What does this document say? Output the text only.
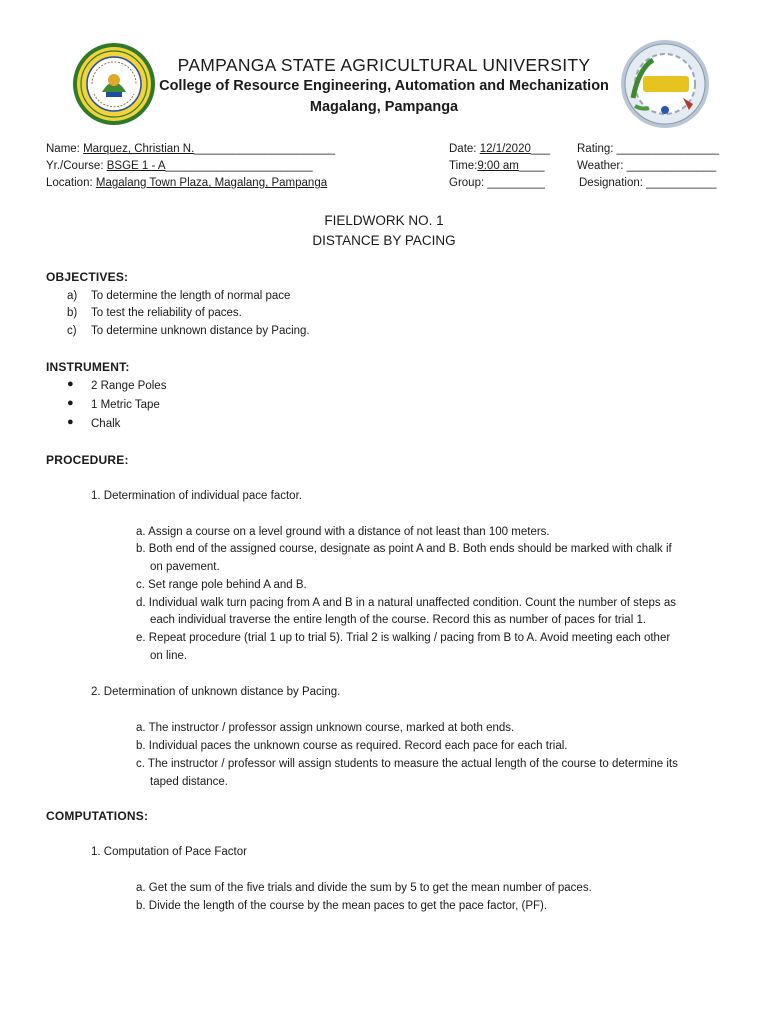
PAMPANGA STATE AGRICULTURAL UNIVERSITY
College of Resource Engineering, Automation and Mechanization
Magalang, Pampanga
Name: Marquez, Christian N.______________________
Yr./Course: BSGE 1 - A_______________________
Location: Magalang Town Plaza, Magalang, Pampanga
Date: 12/1/2020___
Time:9:00 am____
Group: _________
Rating: ________________
Weather: ______________
Designation: ___________
FIELDWORK NO. 1
DISTANCE BY PACING
OBJECTIVES:
a) To determine the length of normal pace
b) To test the reliability of paces.
c) To determine unknown distance by Pacing.
INSTRUMENT:
● 2 Range Poles
● 1 Metric Tape
● Chalk
PROCEDURE:
1. Determination of individual pace factor.
a. Assign a course on a level ground with a distance of not least than 100 meters.
b. Both end of the assigned course, designate as point A and B. Both ends should be marked with chalk if
on pavement.
c. Set range pole behind A and B.
d. Individual walk turn pacing from A and B in a natural unaffected condition. Count the number of steps as
each individual traverse the entire length of the course. Record this as number of paces for trial 1.
e. Repeat procedure (trial 1 up to trial 5). Trial 2 is walking / pacing from B to A. Avoid meeting each other
on line.
2. Determination of unknown distance by Pacing.
a. The instructor / professor assign unknown course, marked at both ends.
b. Individual paces the unknown course as required. Record each pace for each trial.
c. The instructor / professor will assign students to measure the actual length of the course to determine its
taped distance.
COMPUTATIONS:
1. Computation of Pace Factor
a. Get the sum of the five trials and divide the sum by 5 to get the mean number of paces.
b. Divide the length of the course by the mean paces to get the pace factor, (PF).
